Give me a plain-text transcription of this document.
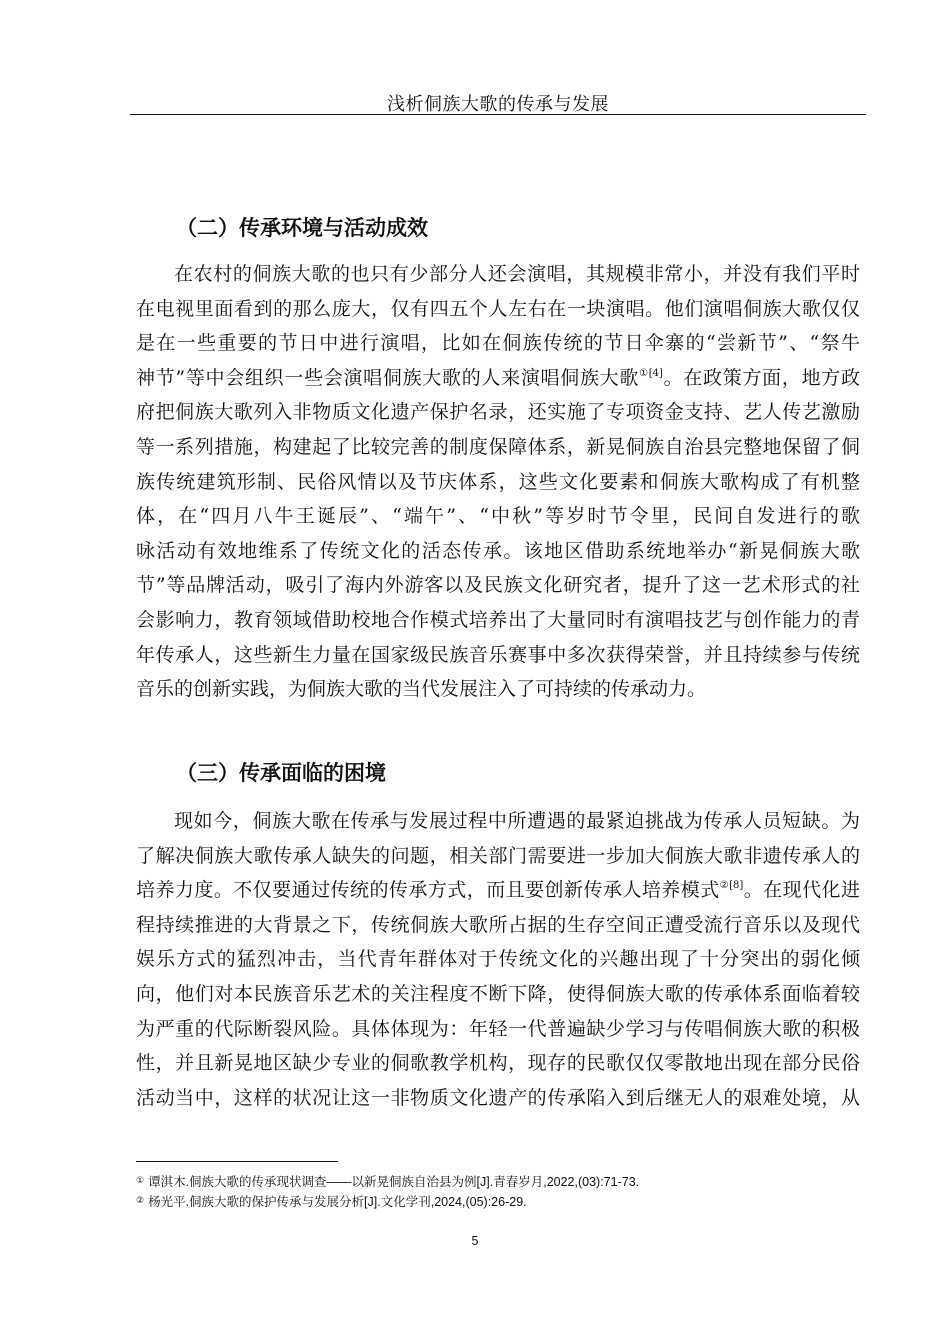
浅析侗族大歌的传承与发展
（二）传承环境与活动成效
在农村的侗族大歌的也只有少部分人还会演唱，其规模非常小，并没有我们平时
在电视里面看到的那么庞大，仅有四五个人左右在一块演唱。他们演唱侗族大歌仅仅
是在一些重要的节日中进行演唱，比如在侗族传统的节日伞寨的“尝新节”、“祭牛
神节”等中会组织一些会演唱侗族大歌的人来演唱侗族大歌$^{①[4]}$。在政策方面，地方政
府把侗族大歌列入非物质文化遗产保护名录，还实施了专项资金支持、艺人传艺激励
等一系列措施，构建起了比较完善的制度保障体系，新晃侗族自治县完整地保留了侗
族传统建筑形制、民俗风情以及节庆体系，这些文化要素和侗族大歌构成了有机整
体，在“四月八牛王诞辰”、“端午”、“中秋”等岁时节令里，民间自发进行的歌
咏活动有效地维系了传统文化的活态传承。该地区借助系统地举办“新晃侗族大歌
节”等品牌活动，吸引了海内外游客以及民族文化研究者，提升了这一艺术形式的社
会影响力，教育领域借助校地合作模式培养出了大量同时有演唱技艺与创作能力的青
年传承人，这些新生力量在国家级民族音乐赛事中多次获得荣誉，并且持续参与传统
音乐的创新实践，为侗族大歌的当代发展注入了可持续的传承动力。
（三）传承面临的困境
现如今，侗族大歌在传承与发展过程中所遭遇的最紧迫挑战为传承人员短缺。为
了解决侗族大歌传承人缺失的问题，相关部门需要进一步加大侗族大歌非遗传承人的
培养力度。不仅要通过传统的传承方式，而且要创新传承人培养模式$^{②[8]}$。在现代化进
程持续推进的大背景之下，传统侗族大歌所占据的生存空间正遭受流行音乐以及现代
娱乐方式的猛烈冲击，当代青年群体对于传统文化的兴趣出现了十分突出的弱化倾
向，他们对本民族音乐艺术的关注程度不断下降，使得侗族大歌的传承体系面临着较
为严重的代际断裂风险。具体体现为：年轻一代普遍缺少学习与传唱侗族大歌的积极
性，并且新晃地区缺少专业的侗歌教学机构，现存的民歌仅仅零散地出现在部分民俗
活动当中，这样的状况让这一非物质文化遗产的传承陷入到后继无人的艰难处境，从
① 谭淇木.侗族大歌的传承现状调查——以新晃侗族自治县为例[J].青春岁月,2022,(03):71-73.
② 杨光平.侗族大歌的保护传承与发展分析[J].文化学刊,2024,(05):26-29.
5
